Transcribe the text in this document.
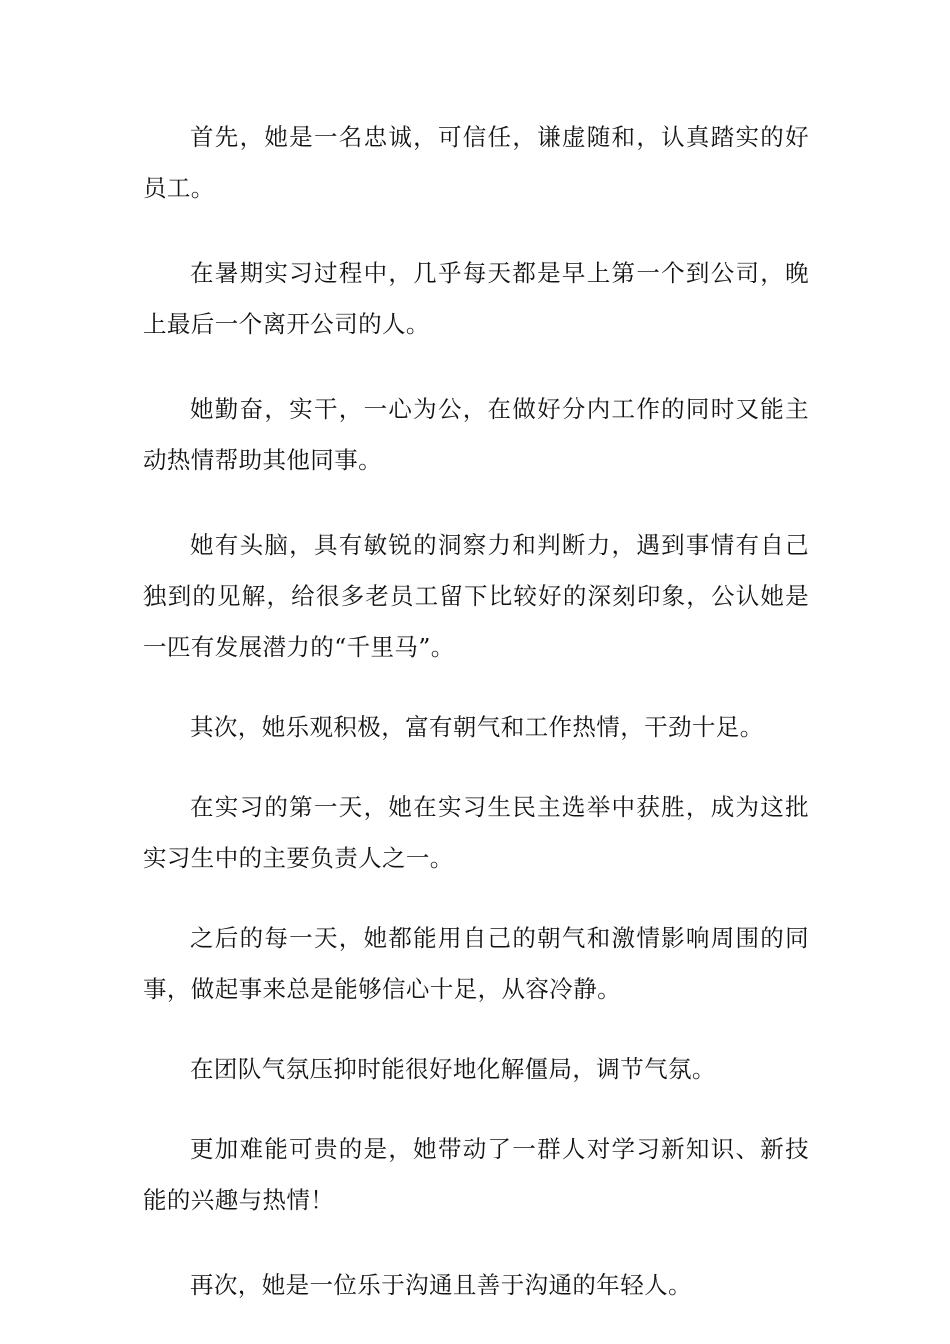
首先，她是一名忠诚，可信任，谦虚随和，认真踏实的好员工。

在暑期实习过程中，几乎每天都是早上第一个到公司，晚上最后一个离开公司的人。

她勤奋，实干，一心为公，在做好分内工作的同时又能主动热情帮助其他同事。

她有头脑，具有敏锐的洞察力和判断力，遇到事情有自己独到的见解，给很多老员工留下比较好的深刻印象，公认她是一匹有发展潜力的“千里马”。

其次，她乐观积极，富有朝气和工作热情，干劲十足。

在实习的第一天，她在实习生民主选举中获胜，成为这批实习生中的主要负责人之一。

之后的每一天，她都能用自己的朝气和激情影响周围的同事，做起事来总是能够信心十足，从容冷静。

在团队气氛压抑时能很好地化解僵局，调节气氛。

更加难能可贵的是，她带动了一群人对学习新知识、新技能的兴趣与热情！

再次，她是一位乐于沟通且善于沟通的年轻人。
